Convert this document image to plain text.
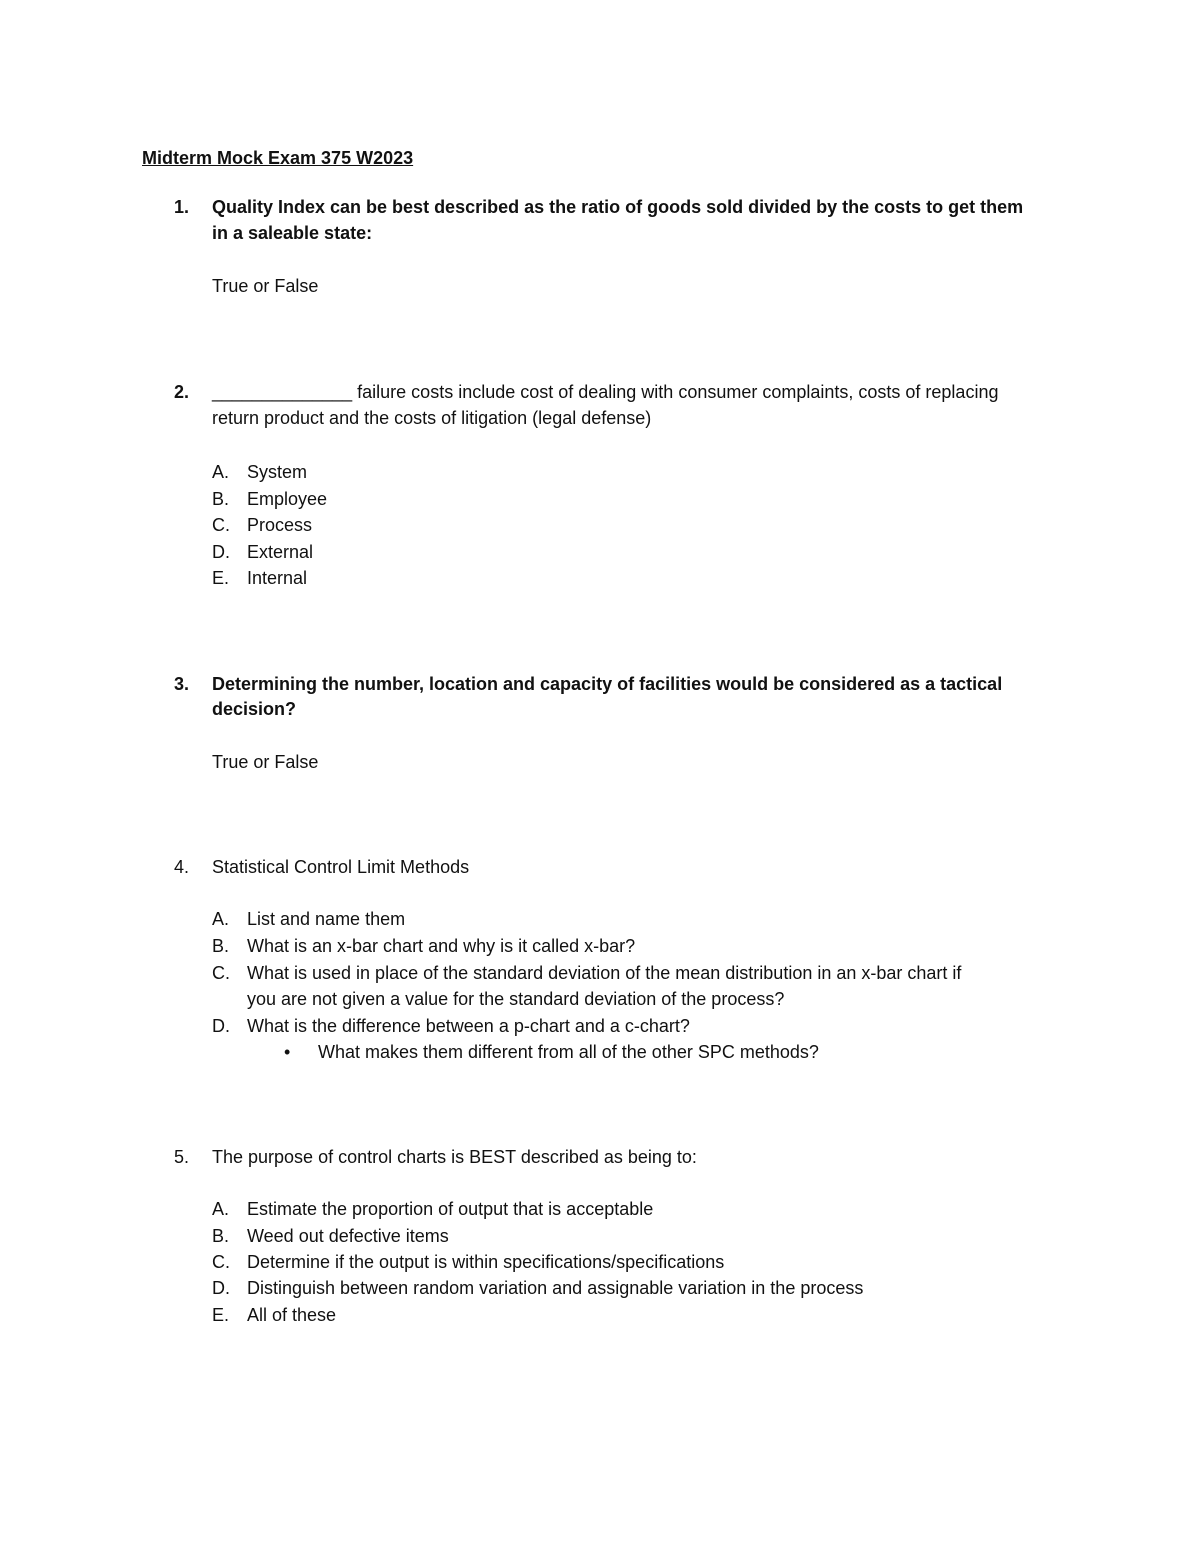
Midterm Mock Exam 375 W2023
1. Quality Index can be best described as the ratio of goods sold divided by the costs to get them
in a saleable state:
True or False
2. ______________ failure costs include cost of dealing with consumer complaints, costs of replacing
return product and the costs of litigation (legal defense)
A. System
B. Employee
C. Process
D. External
E. Internal
3. Determining the number, location and capacity of facilities would be considered as a tactical
decision?
True or False
4. Statistical Control Limit Methods
A. List and name them
B. What is an x-bar chart and why is it called x-bar?
C. What is used in place of the standard deviation of the mean distribution in an x-bar chart if
you are not given a value for the standard deviation of the process?
D. What is the difference between a p-chart and a c-chart?
• What makes them different from all of the other SPC methods?
5. The purpose of control charts is BEST described as being to:
A. Estimate the proportion of output that is acceptable
B. Weed out defective items
C. Determine if the output is within specifications/specifications
D. Distinguish between random variation and assignable variation in the process
E. All of these
